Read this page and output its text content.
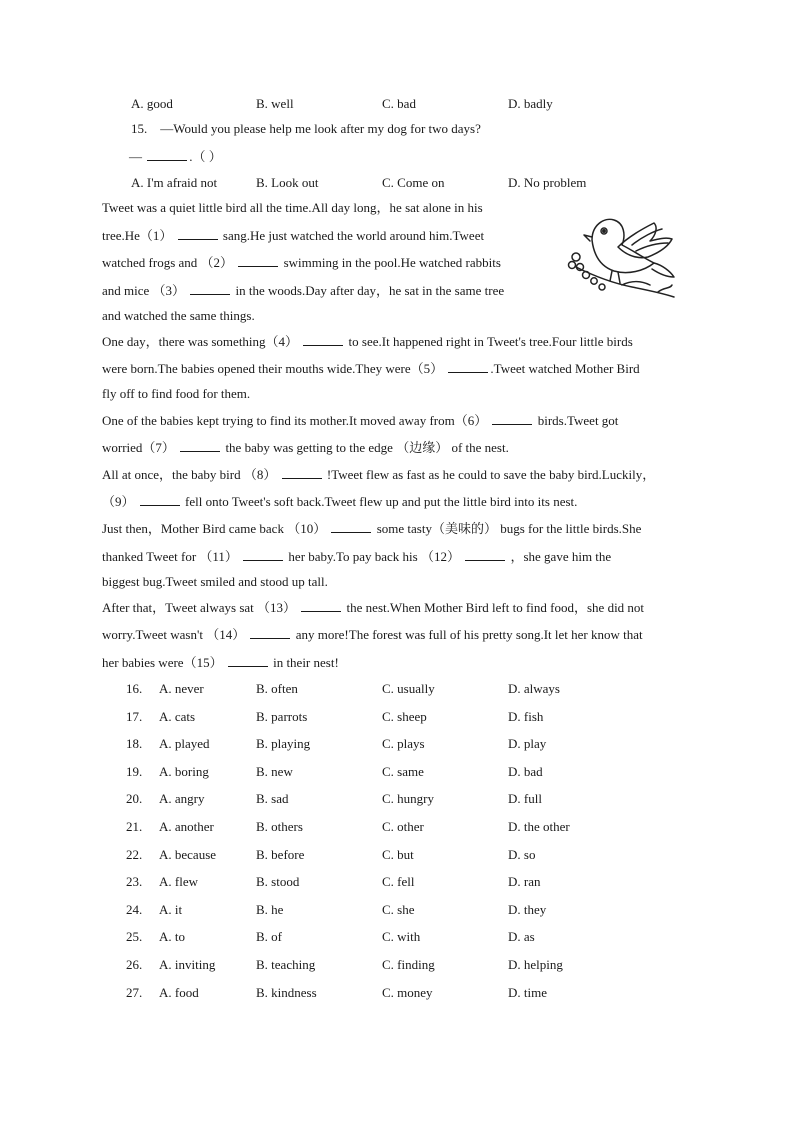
A. good	B. well	C. bad	D. badly
15. —Would you please help me look after my dog for two days?
—	.（ ）
A. I'm afraid not	B. Look out	C. Come on	D. No problem
Tweet was a quiet little bird all the time.All day long，he sat alone in his
tree.He（1）	sang.He just watched the world around him.Tweet
watched frogs and （2）	swimming in the pool.He watched rabbits
and mice （3）	in the woods.Day after day，he sat in the same tree
and watched the same things.
One day，there was something（4）	to see.It happened right in Tweet's tree.Four little birds
were born.The babies opened their mouths wide.They were（5）	.Tweet watched Mother Bird
fly off to find food for them.
One of the babies kept trying to find its mother.It moved away from（6）	birds.Tweet got
worried（7）	the baby was getting to the edge （边缘） of the nest.
All at once，the baby bird （8）	!Tweet flew as fast as he could to save the baby bird.Luckily，
（9）	fell onto Tweet's soft back.Tweet flew up and put the little bird into its nest.
Just then，Mother Bird came back （10）	some tasty（美味的） bugs for the little birds.She
thanked Tweet for （11）	her baby.To pay back his （12）	，she gave him the
biggest bug.Tweet smiled and stood up tall.
After that，Tweet always sat （13）	the nest.When Mother Bird left to find food，she did not
worry.Tweet wasn't （14）	any more!The forest was full of his pretty song.It let her know that
her babies were（15）	in their nest!
16. A. never	B. often	C. usually	D. always
17. A. cats	B. parrots	C. sheep	D. fish
18. A. played	B. playing	C. plays	D. play
19. A. boring	B. new	C. same	D. bad
20. A. angry	B. sad	C. hungry	D. full
21. A. another	B. others	C. other	D. the other
22. A. because	B. before	C. but	D. so
23. A. flew	B. stood	C. fell	D. ran
24. A. it	B. he	C. she	D. they
25. A. to	B. of	C. with	D. as
26. A. inviting	B. teaching	C. finding	D. helping
27. A. food	B. kindness	C. money	D. time
